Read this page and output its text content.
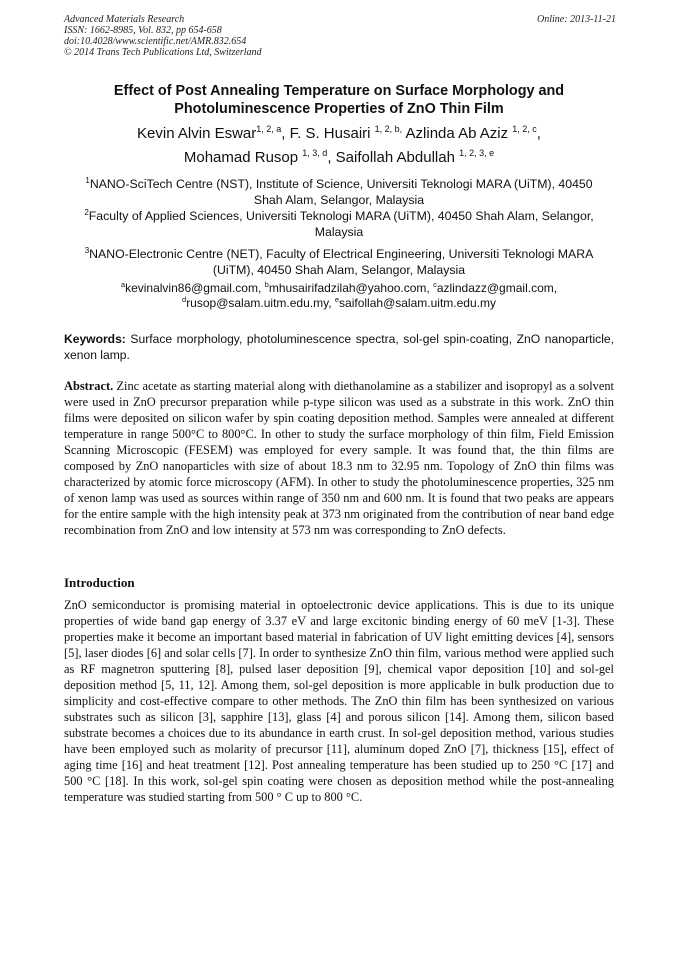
Advanced Materials Research
ISSN: 1662-8985, Vol. 832, pp 654-658
doi:10.4028/www.scientific.net/AMR.832.654
© 2014 Trans Tech Publications Ltd, Switzerland
Online: 2013-11-21
Effect of Post Annealing Temperature on Surface Morphology and Photoluminescence Properties of ZnO Thin Film
Kevin Alvin Eswar$^{1, 2, a}$, F. S. Husairi $^{1, 2, b,}$ Azlinda Ab Aziz $^{1, 2, c}$,
Mohamad Rusop $^{1, 3, d}$, Saifollah Abdullah $^{1, 2, 3, e}$
$^1$NANO-SciTech Centre (NST), Institute of Science, Universiti Teknologi MARA (UiTM), 40450 Shah Alam, Selangor, Malaysia
$^2$Faculty of Applied Sciences, Universiti Teknologi MARA (UiTM), 40450 Shah Alam, Selangor, Malaysia
$^3$NANO-Electronic Centre (NET), Faculty of Electrical Engineering, Universiti Teknologi MARA (UiTM), 40450 Shah Alam, Selangor, Malaysia
$^a$kevinalvin86@gmail.com, $^b$mhusairifadzilah@yahoo.com, $^c$azlindazz@gmail.com,
$^d$rusop@salam.uitm.edu.my, $^e$saifollah@salam.uitm.edu.my
Keywords: Surface morphology, photoluminescence spectra, sol-gel spin-coating, ZnO nanoparticle, xenon lamp.
Abstract. Zinc acetate as starting material along with diethanolamine as a stabilizer and isopropyl as a solvent were used in ZnO precursor preparation while p-type silicon was used as a substrate in this work. ZnO thin films were deposited on silicon wafer by spin coating deposition method. Samples were annealed at different temperature in range 500°C to 800°C. In other to study the surface morphology of thin film, Field Emission Scanning Microscopic (FESEM) was employed for every sample. It was found that, the thin films are composed by ZnO nanoparticles with size of about 18.3 nm to 32.95 nm. Topology of ZnO thin films was characterized by atomic force microscopy (AFM). In other to study the photoluminescence properties, 325 nm of xenon lamp was used as sources within range of 350 nm and 600 nm. It is found that two peaks are appears for the entire sample with the high intensity peak at 373 nm originated from the contribution of near band edge recombination from ZnO and low intensity at 573 nm was corresponding to ZnO defects.
Introduction
ZnO semiconductor is promising material in optoelectronic device applications. This is due to its unique properties of wide band gap energy of 3.37 eV and large excitonic binding energy of 60 meV [1-3]. These properties make it become an important based material in fabrication of UV light emitting devices [4], sensors [5], laser diodes [6] and solar cells [7]. In order to synthesize ZnO thin film, various method were applied such as RF magnetron sputtering [8], pulsed laser deposition [9], chemical vapor deposition [10] and sol-gel deposition method [5, 11, 12]. Among them, sol-gel deposition is more applicable in bulk production due to simplicity and cost-effective compare to other methods. The ZnO thin film has been synthesized on various substrates such as silicon [3], sapphire [13], glass [4] and porous silicon [14]. Among them, silicon based substrate becomes a choices due to its abundance in earth crust. In sol-gel deposition method, various studies have been employed such as molarity of precursor [11], aluminum doped ZnO [7], thickness [15], effect of aging time [16] and heat treatment [12]. Post annealing temperature has been studied up to 250 °C [17] and 500 °C [18]. In this work, sol-gel spin coating were chosen as deposition method while the post-annealing temperature was studied starting from 500 ° C up to 800 °C.
